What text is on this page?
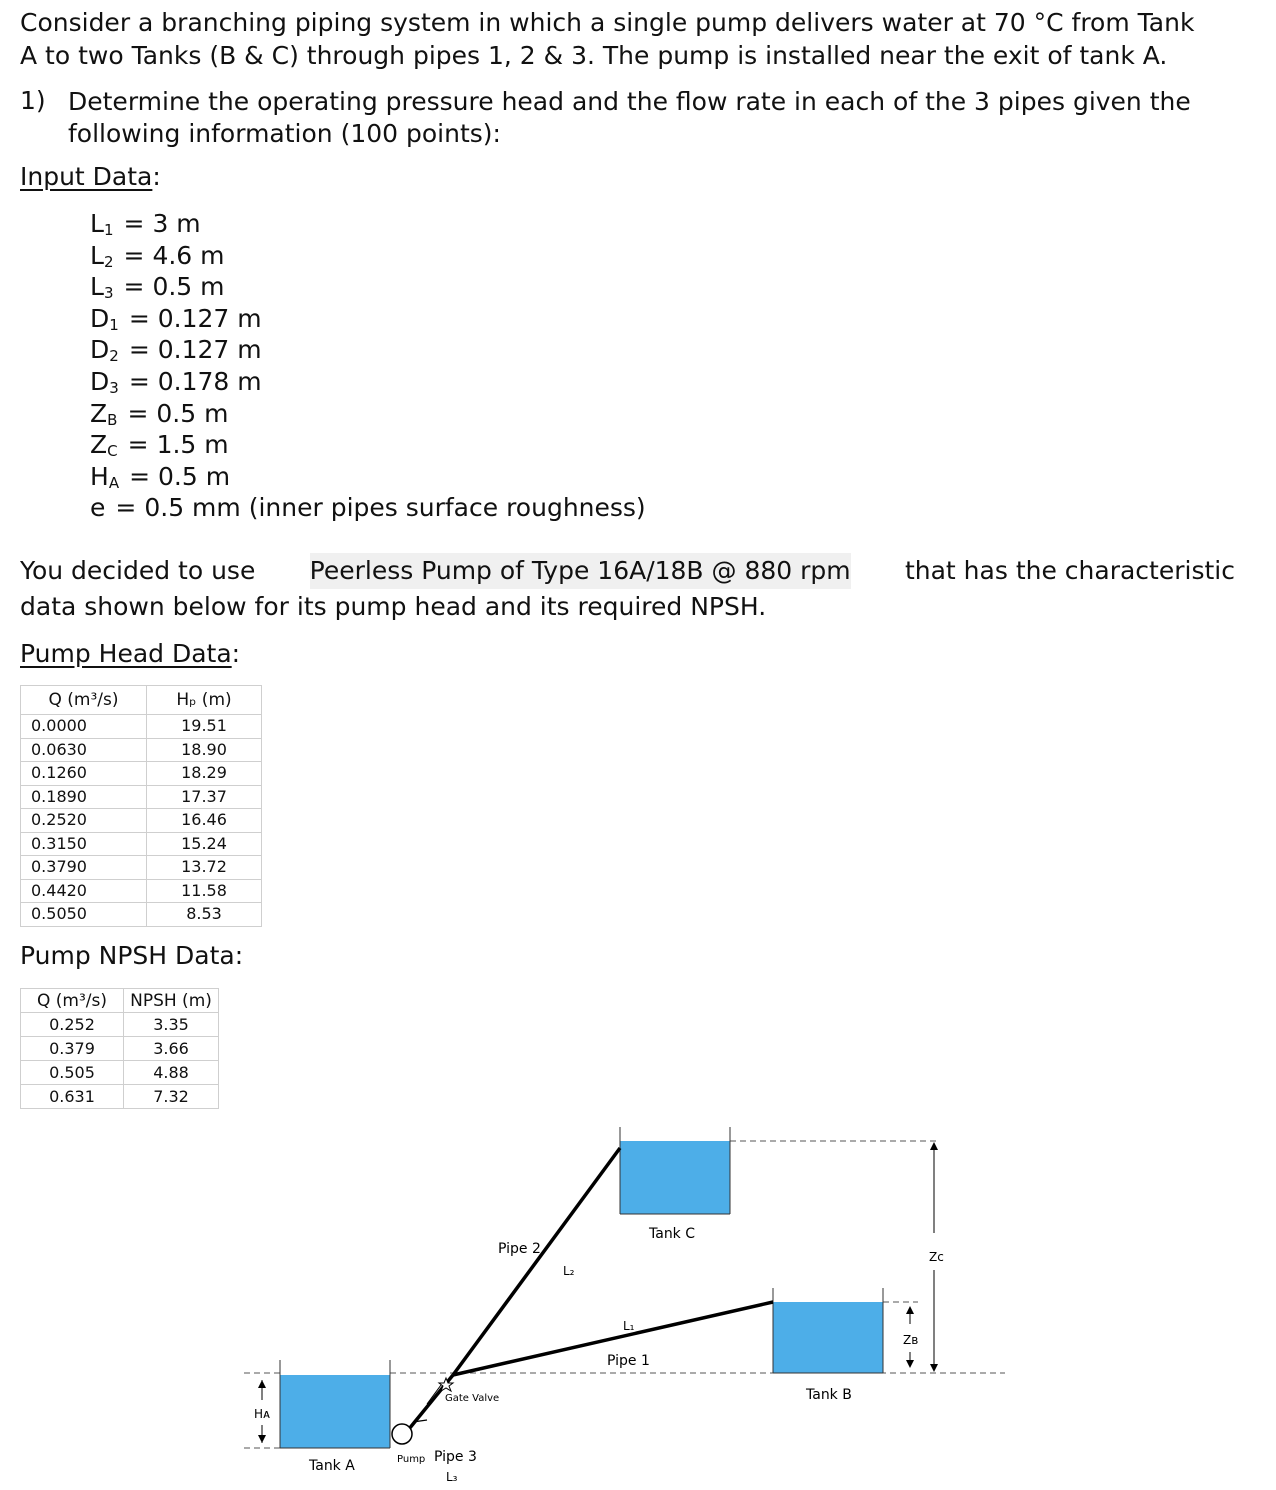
Consider a branching piping system in which a single pump delivers water at 70 °C from Tank
A to two Tanks (B & C) through pipes 1, 2 & 3. The pump is installed near the exit of tank A.
1) Determine the operating pressure head and the flow rate in each of the 3 pipes given the
following information (100 points):
Input Data:
$L_1 = 3$ m
$L_2 = 4.6$ m
$L_3 = 0.5$ m
$D_1 = 0.127$ m
$D_2 = 0.127$ m
$D_3 = 0.178$ m
$Z_B = 0.5$ m
$Z_C = 1.5$ m
$H_A = 0.5$ m
e = 0.5 mm (inner pipes surface roughness)
You decided to use Peerless Pump of Type 16A/18B @ 880 rpm that has the characteristic
data shown below for its pump head and its required NPSH.
Pump Head Data:
Q (m³/s)	Hₚ (m)
0.0000	19.51
0.0630	18.90
0.1260	18.29
0.1890	17.37
0.2520	16.46
0.3150	15.24
0.3790	13.72
0.4420	11.58
0.5050	8.53
Pump NPSH Data:
Q (m³/s)	NPSH (m)
0.252	3.35
0.379	3.66
0.505	4.88
0.631	7.32
Tank A
Tank B
Tank C
Pipe 1
Pipe 2
Pipe 3
L₁
L₂
L₃
Pump
Gate Valve
Hᴀ
Zʙ
Zᴄ
